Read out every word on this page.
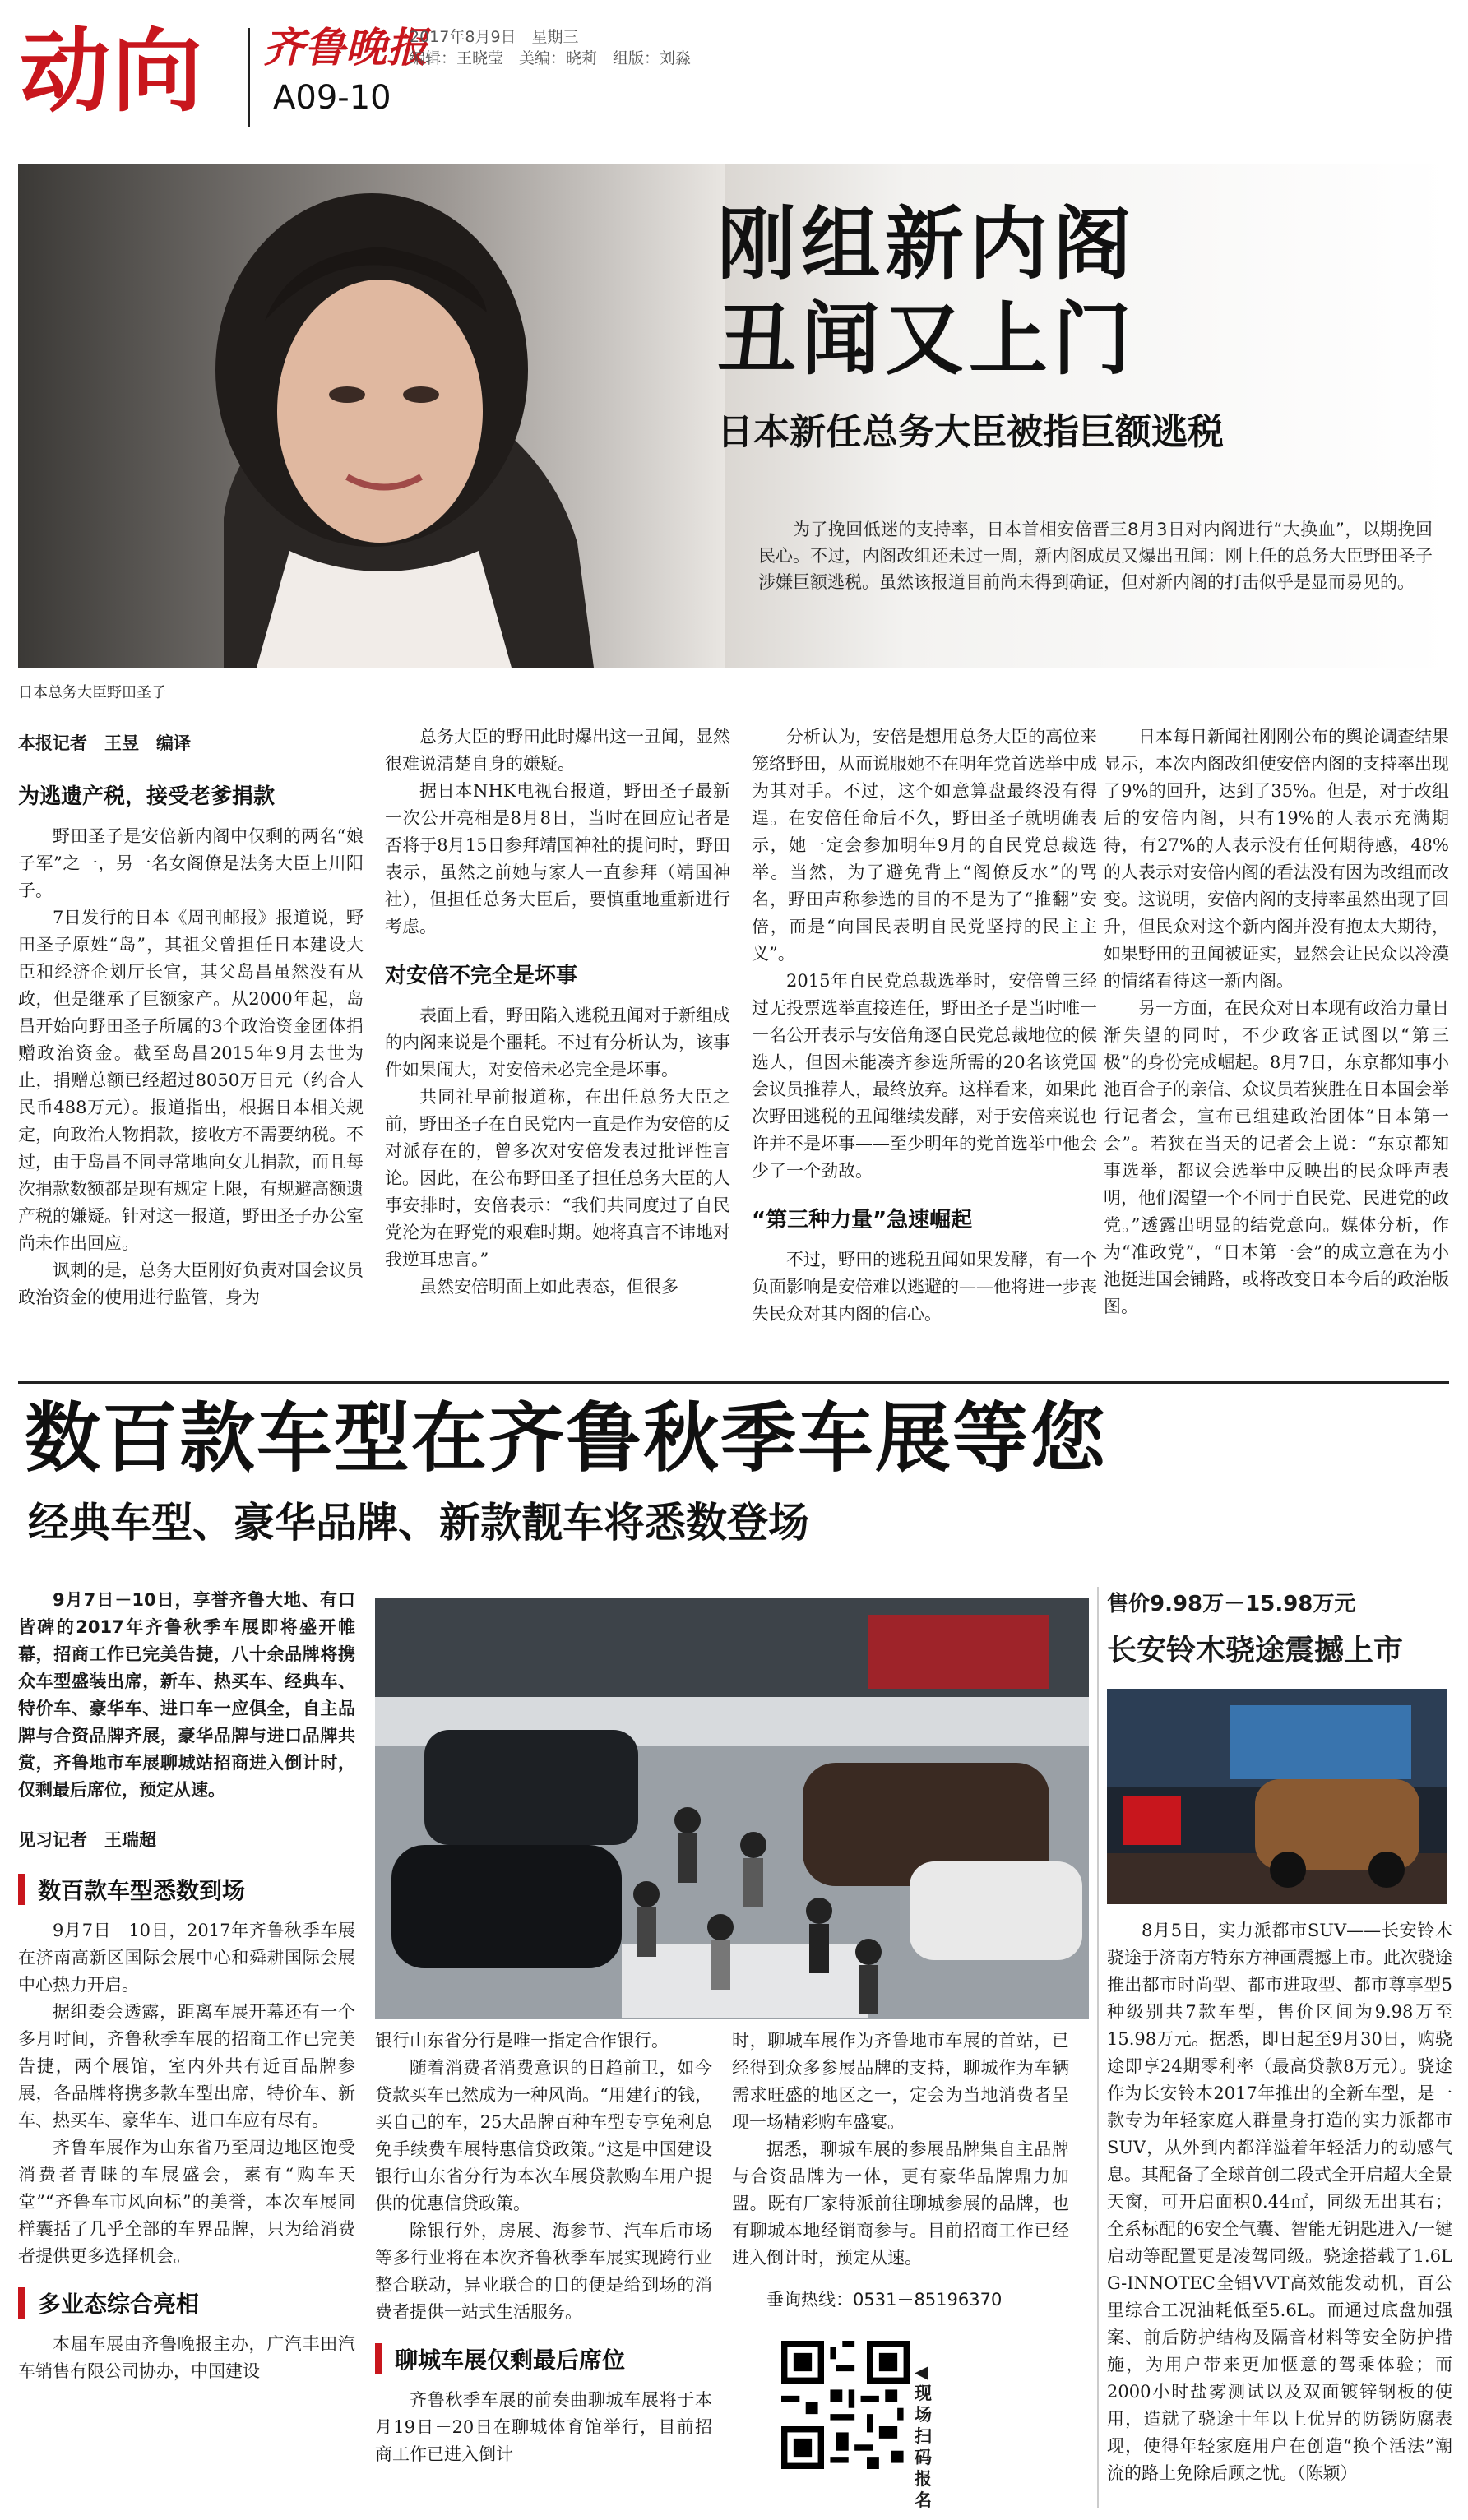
动向 齐鲁晚报
2017年8月9日　星期三
编辑：王晓莹　美编：晓莉　组版：刘淼
A09-10
刚组新内阁
丑闻又上门
日本新任总务大臣被指巨额逃税
为了挽回低迷的支持率，日本首相安倍晋三8月3日对内阁进行“大换血”，以期挽回民心。不过，内阁改组还未过一周，新内阁成员又爆出丑闻：刚上任的总务大臣野田圣子涉嫌巨额逃税。虽然该报道目前尚未得到确证，但对新内阁的打击似乎是显而易见的。
日本总务大臣野田圣子
本报记者　王昱　编译
为逃遗产税，接受老爹捐款

野田圣子是安倍新内阁中仅剩的两名“娘子军”之一，另一名女阁僚是法务大臣上川阳子。

7日发行的日本《周刊邮报》报道说，野田圣子原姓“岛”，其祖父曾担任日本建设大臣和经济企划厅长官，其父岛昌虽然没有从政，但是继承了巨额家产。从2000年起，岛昌开始向野田圣子所属的3个政治资金团体捐赠政治资金。截至岛昌2015年9月去世为止，捐赠总额已经超过8050万日元（约合人民币488万元）。报道指出，根据日本相关规定，向政治人物捐款，接收方不需要纳税。不过，由于岛昌不同寻常地向女儿捐款，而且每次捐款数额都是现有规定上限，有规避高额遗产税的嫌疑。针对这一报道，野田圣子办公室尚未作出回应。

讽刺的是，总务大臣刚好负责对国会议员政治资金的使用进行监管，身为

总务大臣的野田此时爆出这一丑闻，显然很难说清楚自身的嫌疑。

据日本NHK电视台报道，野田圣子最新一次公开亮相是8月8日，当时在回应记者是否将于8月15日参拜靖国神社的提问时，野田表示，虽然之前她与家人一直参拜（靖国神社），但担任总务大臣后，要慎重地重新进行考虑。

对安倍不完全是坏事

表面上看，野田陷入逃税丑闻对于新组成的内阁来说是个噩耗。不过有分析认为，该事件如果闹大，对安倍未必完全是坏事。

共同社早前报道称，在出任总务大臣之前，野田圣子在自民党内一直是作为安倍的反对派存在的，曾多次对安倍发表过批评性言论。因此，在公布野田圣子担任总务大臣的人事安排时，安倍表示：“我们共同度过了自民党沦为在野党的艰难时期。她将真言不讳地对我逆耳忠言。”

虽然安倍明面上如此表态，但很多

分析认为，安倍是想用总务大臣的高位来笼络野田，从而说服她不在明年党首选举中成为其对手。不过，这个如意算盘最终没有得逞。在安倍任命后不久，野田圣子就明确表示，她一定会参加明年9月的自民党总裁选举。当然，为了避免背上“阁僚反水”的骂名，野田声称参选的目的不是为了“推翻”安倍，而是“向国民表明自民党坚持的民主主义”。

2015年自民党总裁选举时，安倍曾三经过无投票选举直接连任，野田圣子是当时唯一一名公开表示与安倍角逐自民党总裁地位的候选人，但因未能凑齐参选所需的20名该党国会议员推荐人，最终放弃。这样看来，如果此次野田逃税的丑闻继续发酵，对于安倍来说也许并不是坏事——至少明年的党首选举中他会少了一个劲敌。

“第三种力量”急速崛起

不过，野田的逃税丑闻如果发酵，有一个负面影响是安倍难以逃避的——他将进一步丧失民众对其内阁的信心。

日本每日新闻社刚刚公布的舆论调查结果显示，本次内阁改组使安倍内阁的支持率出现了9%的回升，达到了35%。但是，对于改组后的安倍内阁，只有19%的人表示充满期待，有27%的人表示没有任何期待感，48%的人表示对安倍内阁的看法没有因为改组而改变。这说明，安倍内阁的支持率虽然出现了回升，但民众对这个新内阁并没有抱太大期待，如果野田的丑闻被证实，显然会让民众以冷漠的情绪看待这一新内阁。

另一方面，在民众对日本现有政治力量日渐失望的同时，不少政客正试图以“第三极”的身份完成崛起。8月7日，东京都知事小池百合子的亲信、众议员若狭胜在日本国会举行记者会，宣布已组建政治团体“日本第一会”。若狭在当天的记者会上说：“东京都知事选举，都议会选举中反映出的民众呼声表明，他们渴望一个不同于自民党、民进党的政党。”透露出明显的结党意向。媒体分析，作为“准政党”，“日本第一会”的成立意在为小池挺进国会铺路，或将改变日本今后的政治版图。

数百款车型在齐鲁秋季车展等您
经典车型、豪华品牌、新款靓车将悉数登场
9月7日－10日，享誉齐鲁大地、有口皆碑的2017年齐鲁秋季车展即将盛开帷幕，招商工作已完美告捷，八十余品牌将携众车型盛装出席，新车、热买车、经典车、特价车、豪华车、进口车一应俱全，自主品牌与合资品牌齐展，豪华品牌与进口品牌共赏，齐鲁地市车展聊城站招商进入倒计时，仅剩最后席位，预定从速。
见习记者　王瑞超
数百款车型悉数到场

9月7日－10日，2017年齐鲁秋季车展在济南高新区国际会展中心和舜耕国际会展中心热力开启。

据组委会透露，距离车展开幕还有一个多月时间，齐鲁秋季车展的招商工作已完美告捷，两个展馆，室内外共有近百品牌参展，各品牌将携多款车型出席，特价车、新车、热买车、豪华车、进口车应有尽有。

齐鲁车展作为山东省乃至周边地区饱受消费者青睐的车展盛会，素有“购车天堂”“齐鲁车市风向标”的美誉，本次车展同样囊括了几乎全部的车界品牌，只为给消费者提供更多选择机会。

多业态综合亮相

本届车展由齐鲁晚报主办，广汽丰田汽车销售有限公司协办，中国建设

银行山东省分行是唯一指定合作银行。

随着消费者消费意识的日趋前卫，如今贷款买车已然成为一种风尚。“用建行的钱，买自己的车，25大品牌百种车型专享免利息免手续费车展特惠信贷政策。”这是中国建设银行山东省分行为本次车展贷款购车用户提供的优惠信贷政策。

除银行外，房展、海参节、汽车后市场等多行业将在本次齐鲁秋季车展实现跨行业整合联动，异业联合的目的便是给到场的消费者提供一站式生活服务。

聊城车展仅剩最后席位

齐鲁秋季车展的前奏曲聊城车展将于本月19日－20日在聊城体育馆举行，目前招商工作已进入倒计

时，聊城车展作为齐鲁地市车展的首站，已经得到众多参展品牌的支持，聊城作为车辆需求旺盛的地区之一，定会为当地消费者呈现一场精彩购车盛宴。

据悉，聊城车展的参展品牌集自主品牌与合资品牌为一体，更有豪华品牌鼎力加盟。既有厂家特派前往聊城参展的品牌，也有聊城本地经销商参与。目前招商工作已经进入倒计时，预定从速。

垂询热线：0531－85196370
◀现场扫码报名
售价9.98万－15.98万元
长安铃木骁途震撼上市

8月5日，实力派都市SUV——长安铃木骁途于济南方特东方神画震撼上市。此次骁途推出都市时尚型、都市进取型、都市尊享型5种级别共7款车型，售价区间为9.98万至15.98万元。据悉，即日起至9月30日，购骁途即享24期零利率（最高贷款8万元）。骁途作为长安铃木2017年推出的全新车型，是一款专为年轻家庭人群量身打造的实力派都市SUV，从外到内都洋溢着年轻活力的动感气息。其配备了全球首创二段式全开启超大全景天窗，可开启面积0.44㎡，同级无出其右；全系标配的6安全气囊、智能无钥匙进入/一键启动等配置更是凌驾同级。骁途搭载了1.6L G-INNOTEC全铝VVT高效能发动机，百公里综合工况油耗低至5.6L。而通过底盘加强案、前后防护结构及隔音材料等安全防护措施，为用户带来更加惬意的驾乘体验；而2000小时盐雾测试以及双面镀锌钢板的使用，造就了骁途十年以上优异的防锈防腐表现，使得年轻家庭用户在创造“换个活法”潮流的路上免除后顾之忧。（陈颖）
